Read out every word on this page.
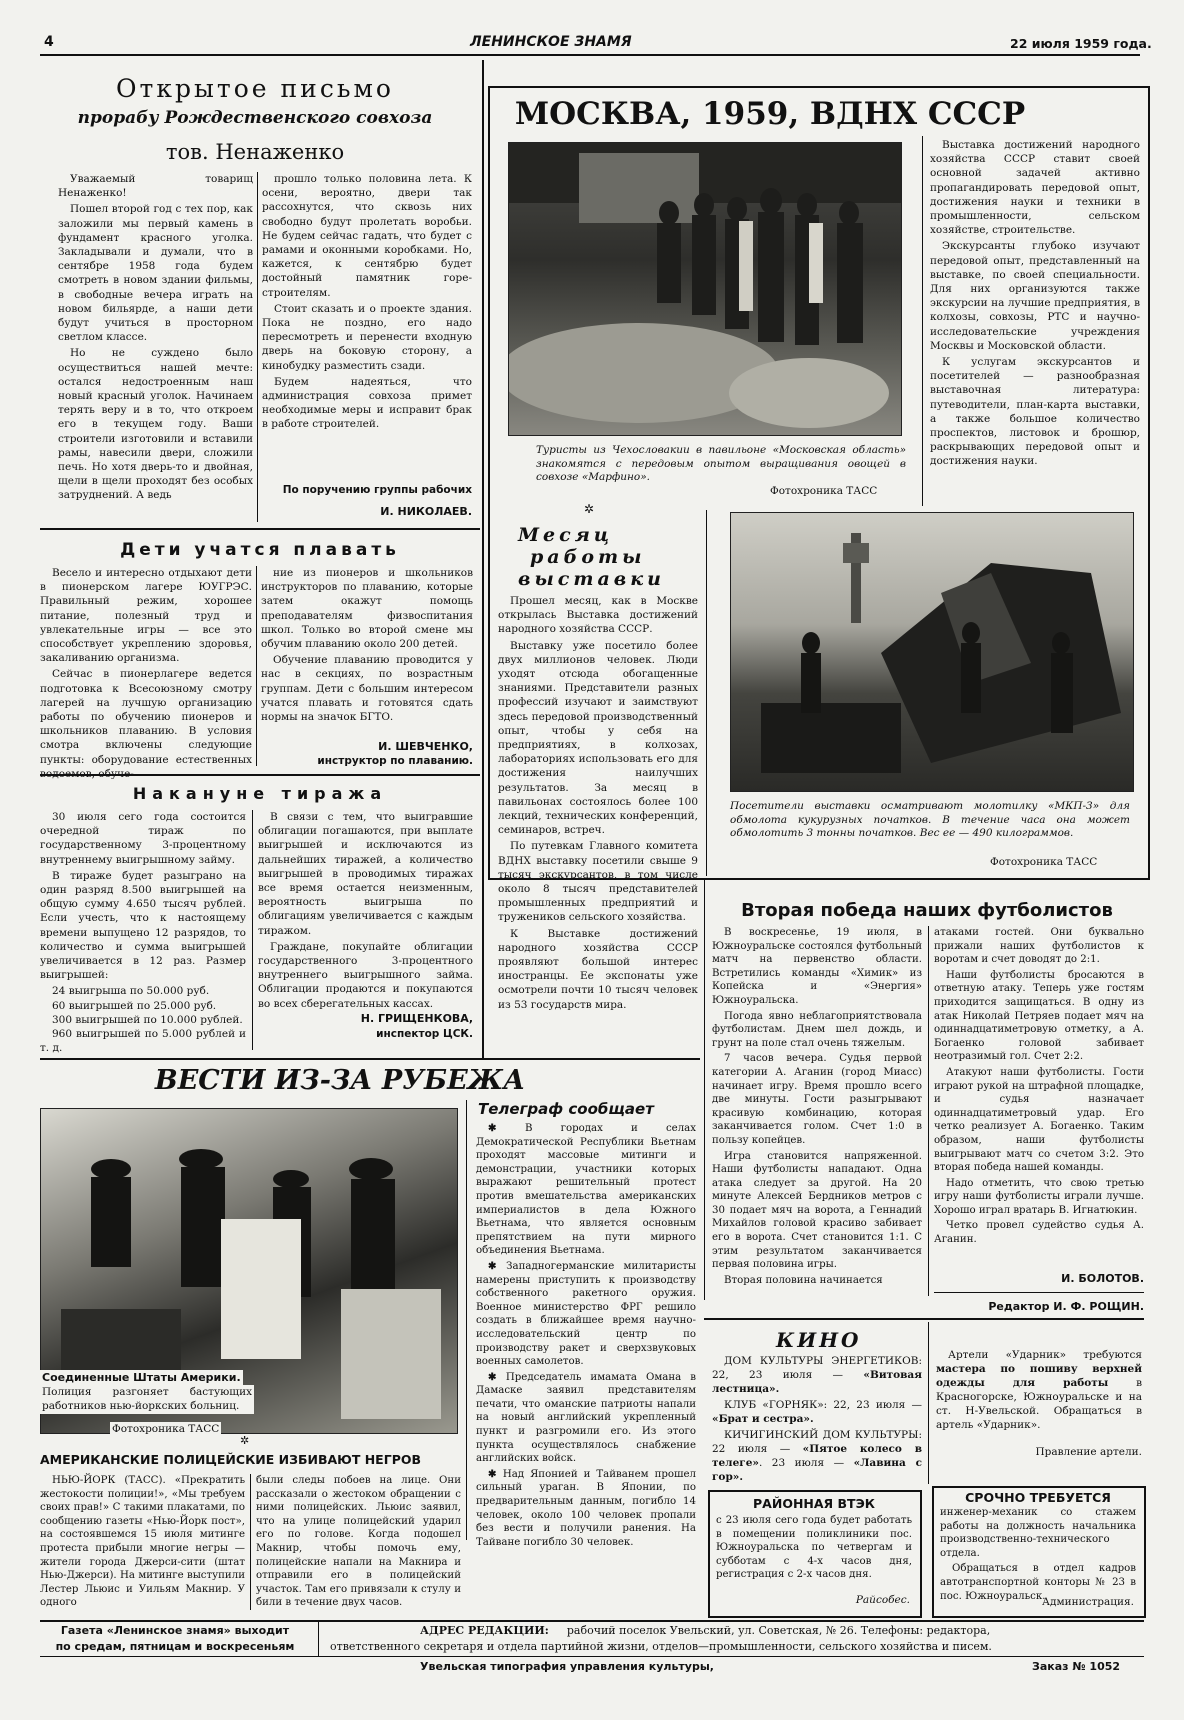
4	ЛЕНИНСКОЕ ЗНАМЯ	22 июля 1959 года.
Открытое письмо
прорабу Рождественского совхоза
тов. Ненаженко

Уважаемый товарищ Ненаженко!

Пошел второй год с тех пор, как заложили мы первый камень в фундамент красного уголка. Закладывали и думали, что в сентябре 1958 года будем смотреть в новом здании фильмы, в свободные вечера играть на новом бильярде, а наши дети будут учиться в просторном светлом классе.

Но не суждено было осуществиться нашей мечте: остался недостроенным наш новый красный уголок. Начинаем терять веру и в то, что откроем его в текущем году. Ваши строители изготовили и вставили рамы, навесили двери, сложили печь. Но хотя дверь-то и двойная, щели в щели проходят без особых затруднений. А ведь

прошло только половина лета. К осени, вероятно, двери так рассохнутся, что сквозь них свободно будут пролетать воробьи. Не будем сейчас гадать, что будет с рамами и оконными коробками. Но, кажется, к сентябрю будет достойный памятник горе-строителям.

Стоит сказать и о проекте здания. Пока не поздно, его надо пересмотреть и перенести входную дверь на боковую сторону, а кинобудку разместить сзади.

Будем надеяться, что администрация совхоза примет необходимые меры и исправит брак в работе строителей.

По поручению группы рабочих
И. НИКОЛАЕВ.
Дети учатся плавать

Весело и интересно отдыхают дети в пионерском лагере ЮУГРЭС. Правильный режим, хорошее питание, полезный труд и увлекательные игры — все это способствует укреплению здоровья, закаливанию организма.

Сейчас в пионерлагере ведется подготовка к Всесоюзному смотру лагерей на лучшую организацию работы по обучению пионеров и школьников плаванию. В условия смотра включены следующие пункты: оборудование естественных

ние из пионеров и школьников инструкторов по плаванию, которые затем окажут помощь преподавателям физвоспитания школ. Только во второй смене мы обучим плаванию около 200 детей.

Обучение плаванию проводится у нас в секциях, по возрастным группам. Дети с большим интересом учатся плавать и готовятся сдать нормы на значок БГТО.

И. ШЕВЧЕНКО,
инструктор по плаванию.
Накануне тиража

30 июля сего года состоится очередной тираж по государственному 3-процентному внутреннему выигрышному займу.

В тираже будет разыграно на один разряд 8.500 выигрышей на общую сумму 4.650 тысяч рублей. Если учесть, что к настоящему времени выпущено 12 разрядов, то количество и сумма выигрышей увеличивается в 12 раз. Размер выигрышей:

24 выигрыша по 50.000 руб.

60 выигрышей по 25.000 руб.

300 выигрышей по 10.000 рублей.

960 выигрышей по 5.000 рублей и т. д.

В связи с тем, что выигравшие облигации погашаются, при выплате выигрышей и исключаются из дальнейших тиражей, а количество выигрышей в проводимых тиражах все время остается неизменным, вероятность выигрыша по облигациям увеличивается с каждым тиражом.

Граждане, покупайте облигации государственного 3-процентного внутреннего выигрышного займа. Облигации продаются и покупаются во всех сберегательных кассах.

Н. ГРИЩЕНКОВА,
инспектор ЦСК.
МОСКВА, 1959, ВДНХ СССР
Туристы из Чехословакии в павильоне «Московская область» знакомятся с передовым опытом выращивания овощей в совхозе «Марфино».
Фотохроника ТАСС

Выставка достижений народного хозяйства СССР ставит своей основной задачей активно пропагандировать передовой опыт, достижения науки и техники в промышленности, сельском хозяйстве, строительстве.

Экскурсанты глубоко изучают передовой опыт, представленный на выставке, по своей специальности. Для них организуются также экскурсии на лучшие предприятия, в колхозы, совхозы, РТС и научно-исследовательские учреждения Москвы и Московской области.

К услугам экскурсантов и посетителей — разнообразная выставочная литература: путеводители, план-карта выставки, а также большое количество проспектов, листовок и брошюр, раскрывающих передовой опыт и достижения науки.

✲
Месяц
работы
выставки

Прошел месяц, как в Москве открылась Выставка достижений народного хозяйства СССР.

Выставку уже посетило более двух миллионов человек. Люди уходят отсюда обогащенные знаниями. Представители разных профессий изучают и заимствуют здесь передовой производственный опыт, чтобы у себя на предприятиях, в колхозах, лабораториях использовать его для достижения наилучших результатов. За месяц в павильонах состоялось более 100 лекций, технических конференций, семинаров, встреч.

По путевкам Главного комитета ВДНХ выставку посетили свыше 9 тысяч экскурсантов, в том числе около 8 тысяч представителей промышленных предприятий и тружеников сельского хозяйства.

К Выставке достижений народного хозяйства СССР проявляют большой интерес иностранцы. Ее экспонаты уже осмотрели почти 10 тысяч человек из 53 государств мира.

Посетители выставки осматривают молотилку «МКП-3» для обмолота кукурузных початков. В течение часа она может обмолотить 3 тонны початков. Вес ее — 490 килограммов.
Фотохроника ТАСС
ВЕСТИ ИЗ-ЗА РУБЕЖА
Соединенные Штаты Америки.
Полиция разгоняет бастующих работников нью-йоркских больниц.
Фотохроника ТАСС
Телеграф сообщает

✱ В городах и селах Демократической Республики Вьетнам проходят массовые митинги и демонстрации, участники которых выражают решительный протест против вмешательства американских империалистов в дела Южного Вьетнама, что является основным препятствием на пути мирного объединения Вьетнама.

✱ Западногерманские милитаристы намерены приступить к производству собственного ракетного оружия. Военное министерство ФРГ решило создать в ближайшее время научно-исследовательский центр по производству ракет и сверхзвуковых военных самолетов.

✱ Председатель имамата Омана в Дамаске заявил представителям печати, что оманские патриоты напали на новый английский укрепленный пункт и разгромили его. Из этого пункта осуществлялось снабжение английских войск.

✱ Над Японией и Тайванем прошел сильный ураган. В Японии, по предварительным данным, погибло 14 человек, около 100 человек пропали без вести и получили ранения. На Тайване погибло 30 человек.

✲
АМЕРИКАНСКИЕ ПОЛИЦЕЙСКИЕ ИЗБИВАЮТ НЕГРОВ

НЬЮ-ЙОРК (ТАСС). «Прекратить жестокости полиции!», «Мы требуем своих прав!» С такими плакатами, по сообщению газеты «Нью-Йорк пост», на состоявшемся 15 июля митинге протеста прибыли многие негры — жители города Джерси-сити (штат Нью-Джерси). На митинге выступили Лестер Льюис и Уильям Макнир. У одного

были следы побоев на лице. Они рассказали о жестоком обращении с ними полицейских. Льюис заявил, что на улице полицейский ударил его по голове. Когда подошел Макнир, чтобы помочь ему, полицейские напали на Макнира и отправили его в полицейский участок. Там его привязали к стулу и били в течение двух часов.

Вторая победа наших футболистов

В воскресенье, 19 июля, в Южноуральске состоялся футбольный матч на первенство области. Встретились команды «Химик» из Копейска и «Энергия» Южноуральска.

Погода явно неблагоприятствовала футболистам. Днем шел дождь, и грунт на поле стал очень тяжелым.

7 часов вечера. Судья первой категории А. Аганин (город Миасс) начинает игру. Время прошло всего две минуты. Гости разыгрывают красивую комбинацию, которая заканчивается голом. Счет 1:0 в пользу копейцев.

Игра становится напряженной. Наши футболисты нападают. Одна атака следует за другой. На 20 минуте Алексей Бердников метров с 30 подает мяч на ворота, а Геннадий Михайлов головой красиво забивает его в ворота. Счет становится 1:1. С этим результатом заканчивается первая половина игры.

Вторая половина начинается

атаками гостей. Они буквально прижали наших футболистов к воротам и счет доводят до 2:1.

Наши футболисты бросаются в ответную атаку. Теперь уже гостям приходится защищаться. В одну из атак Николай Петряев подает мяч на одиннадцатиметровую отметку, а А. Богаенко головой забивает неотразимый гол. Счет 2:2.

Атакуют наши футболисты. Гости играют рукой на штрафной площадке, и судья назначает одиннадцатиметровый удар. Его четко реализует А. Богаенко. Таким образом, наши футболисты выигрывают матч со счетом 3:2. Это вторая победа нашей команды.

Надо отметить, что свою третью игру наши футболисты играли лучше. Хорошо играл вратарь В. Игнатюкин.

Четко провел судейство судья А. Аганин.

И. БОЛОТОВ.
Редактор И. Ф. РОЩИН.
КИНО

ДОМ КУЛЬТУРЫ ЭНЕРГЕТИКОВ: 22, 23 июля — «Витовая лестница».

КЛУБ «ГОРНЯК»: 22, 23 июля — «Брат и сестра».

КИЧИГИНСКИЙ ДОМ КУЛЬТУРЫ: 22 июля — «Пятое колесо в телеге». 23 июля — «Лавина с гор».

Артели «Ударник» требуются мастера по пошиву верхней одежды для работы в Красногорске, Южноуральске и на ст. Н-Увельской. Обращаться в артель «Ударник».

Правление артели.
РАЙОННАЯ ВТЭК
с 23 июля сего года будет работать в помещении поликлиники пос. Южноуральска по четвергам и субботам с 4-х часов дня, регистрация с 2-х часов дня.
Райсобес.
СРОЧНО ТРЕБУЕТСЯ

инженер-механик со стажем работы на должность начальника производственно-технического отдела.

Обращаться в отдел кадров автотранспортной конторы № 23 в пос. Южноуральск.

Администрация.
Газета «Ленинское знамя» выходит
по средам, пятницам и воскресеньям
АДРЕС РЕДАКЦИИ: рабочий поселок Увельский, ул. Советская, № 26. Телефоны: редактора,
ответственного секретаря и отдела партийной жизни, отделов—промышленности, сельского хозяйства и писем.
Увельская типография управления культуры,	Заказ № 1052
